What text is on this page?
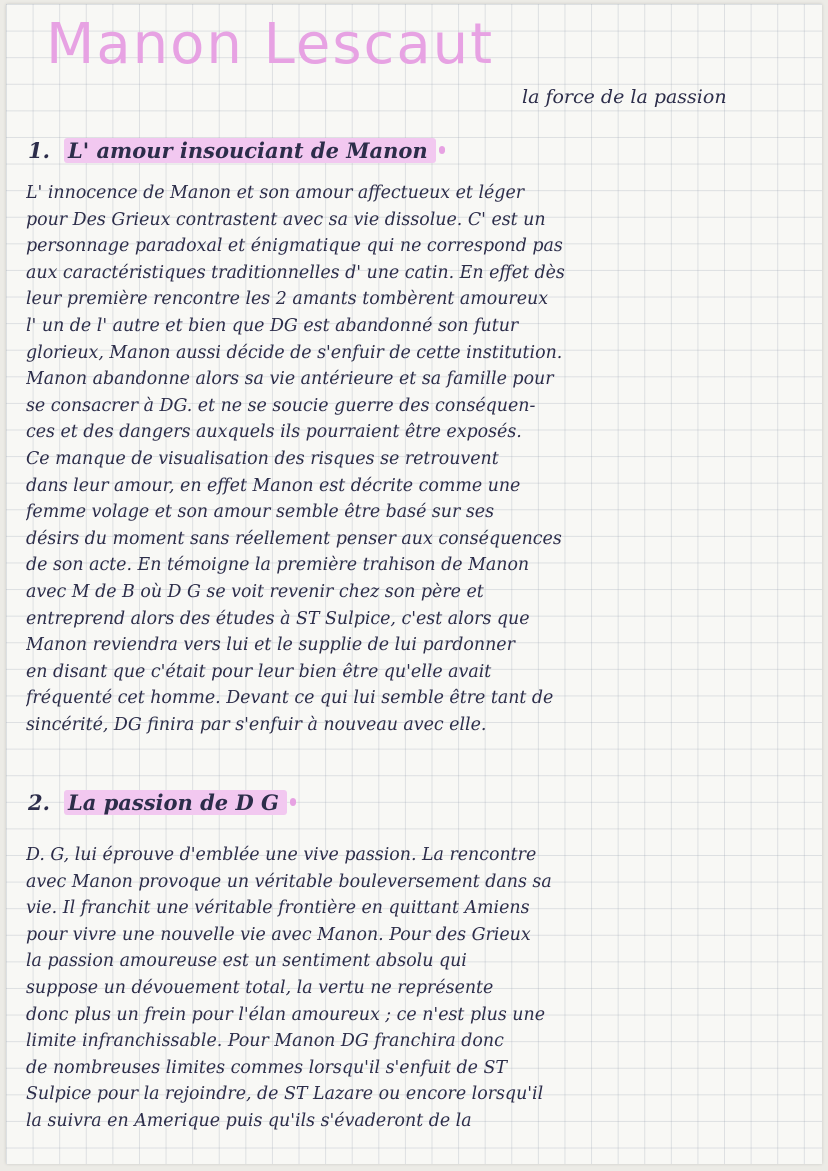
Manon Lescaut

la force de la passion

1. L' amour insouciant de Manon

L' innocence de Manon et son amour affectueux et léger

pour Des Grieux contrastent avec sa vie dissolue. C' est un

personnage paradoxal et énigmatique qui ne correspond pas

aux caractéristiques traditionnelles d' une catin. En effet dès

leur première rencontre les 2 amants tombèrent amoureux

l' un de l' autre et bien que DG est abandonné son futur

glorieux, Manon aussi décide de s'enfuir de cette institution.

Manon abandonne alors sa vie antérieure et sa famille pour

se consacrer à DG. et ne se soucie guerre des conséquen-

ces et des dangers auxquels ils pourraient être exposés.

Ce manque de visualisation des risques se retrouvent

dans leur amour, en effet Manon est décrite comme une

femme volage et son amour semble être basé sur ses

désirs du moment sans réellement penser aux conséquences

de son acte. En témoigne la première trahison de Manon

avec M de B où D G se voit revenir chez son père et

entreprend alors des études à ST Sulpice, c'est alors que

Manon reviendra vers lui et le supplie de lui pardonner

en disant que c'était pour leur bien être qu'elle avait

fréquenté cet homme. Devant ce qui lui semble être tant de

sincérité, DG finira par s'enfuir à nouveau avec elle.

2. La passion de D G

D. G, lui éprouve d'emblée une vive passion. La rencontre

avec Manon provoque un véritable bouleversement dans sa

vie. Il franchit une véritable frontière en quittant Amiens

pour vivre une nouvelle vie avec Manon. Pour des Grieux

la passion amoureuse est un sentiment absolu qui

suppose un dévouement total, la vertu ne représente

donc plus un frein pour l'élan amoureux ; ce n'est plus une

limite infranchissable. Pour Manon DG franchira donc

de nombreuses limites commes lorsqu'il s'enfuit de ST

Sulpice pour la rejoindre, de ST Lazare ou encore lorsqu'il

la suivra en Amerique puis qu'ils s'évaderont de la
